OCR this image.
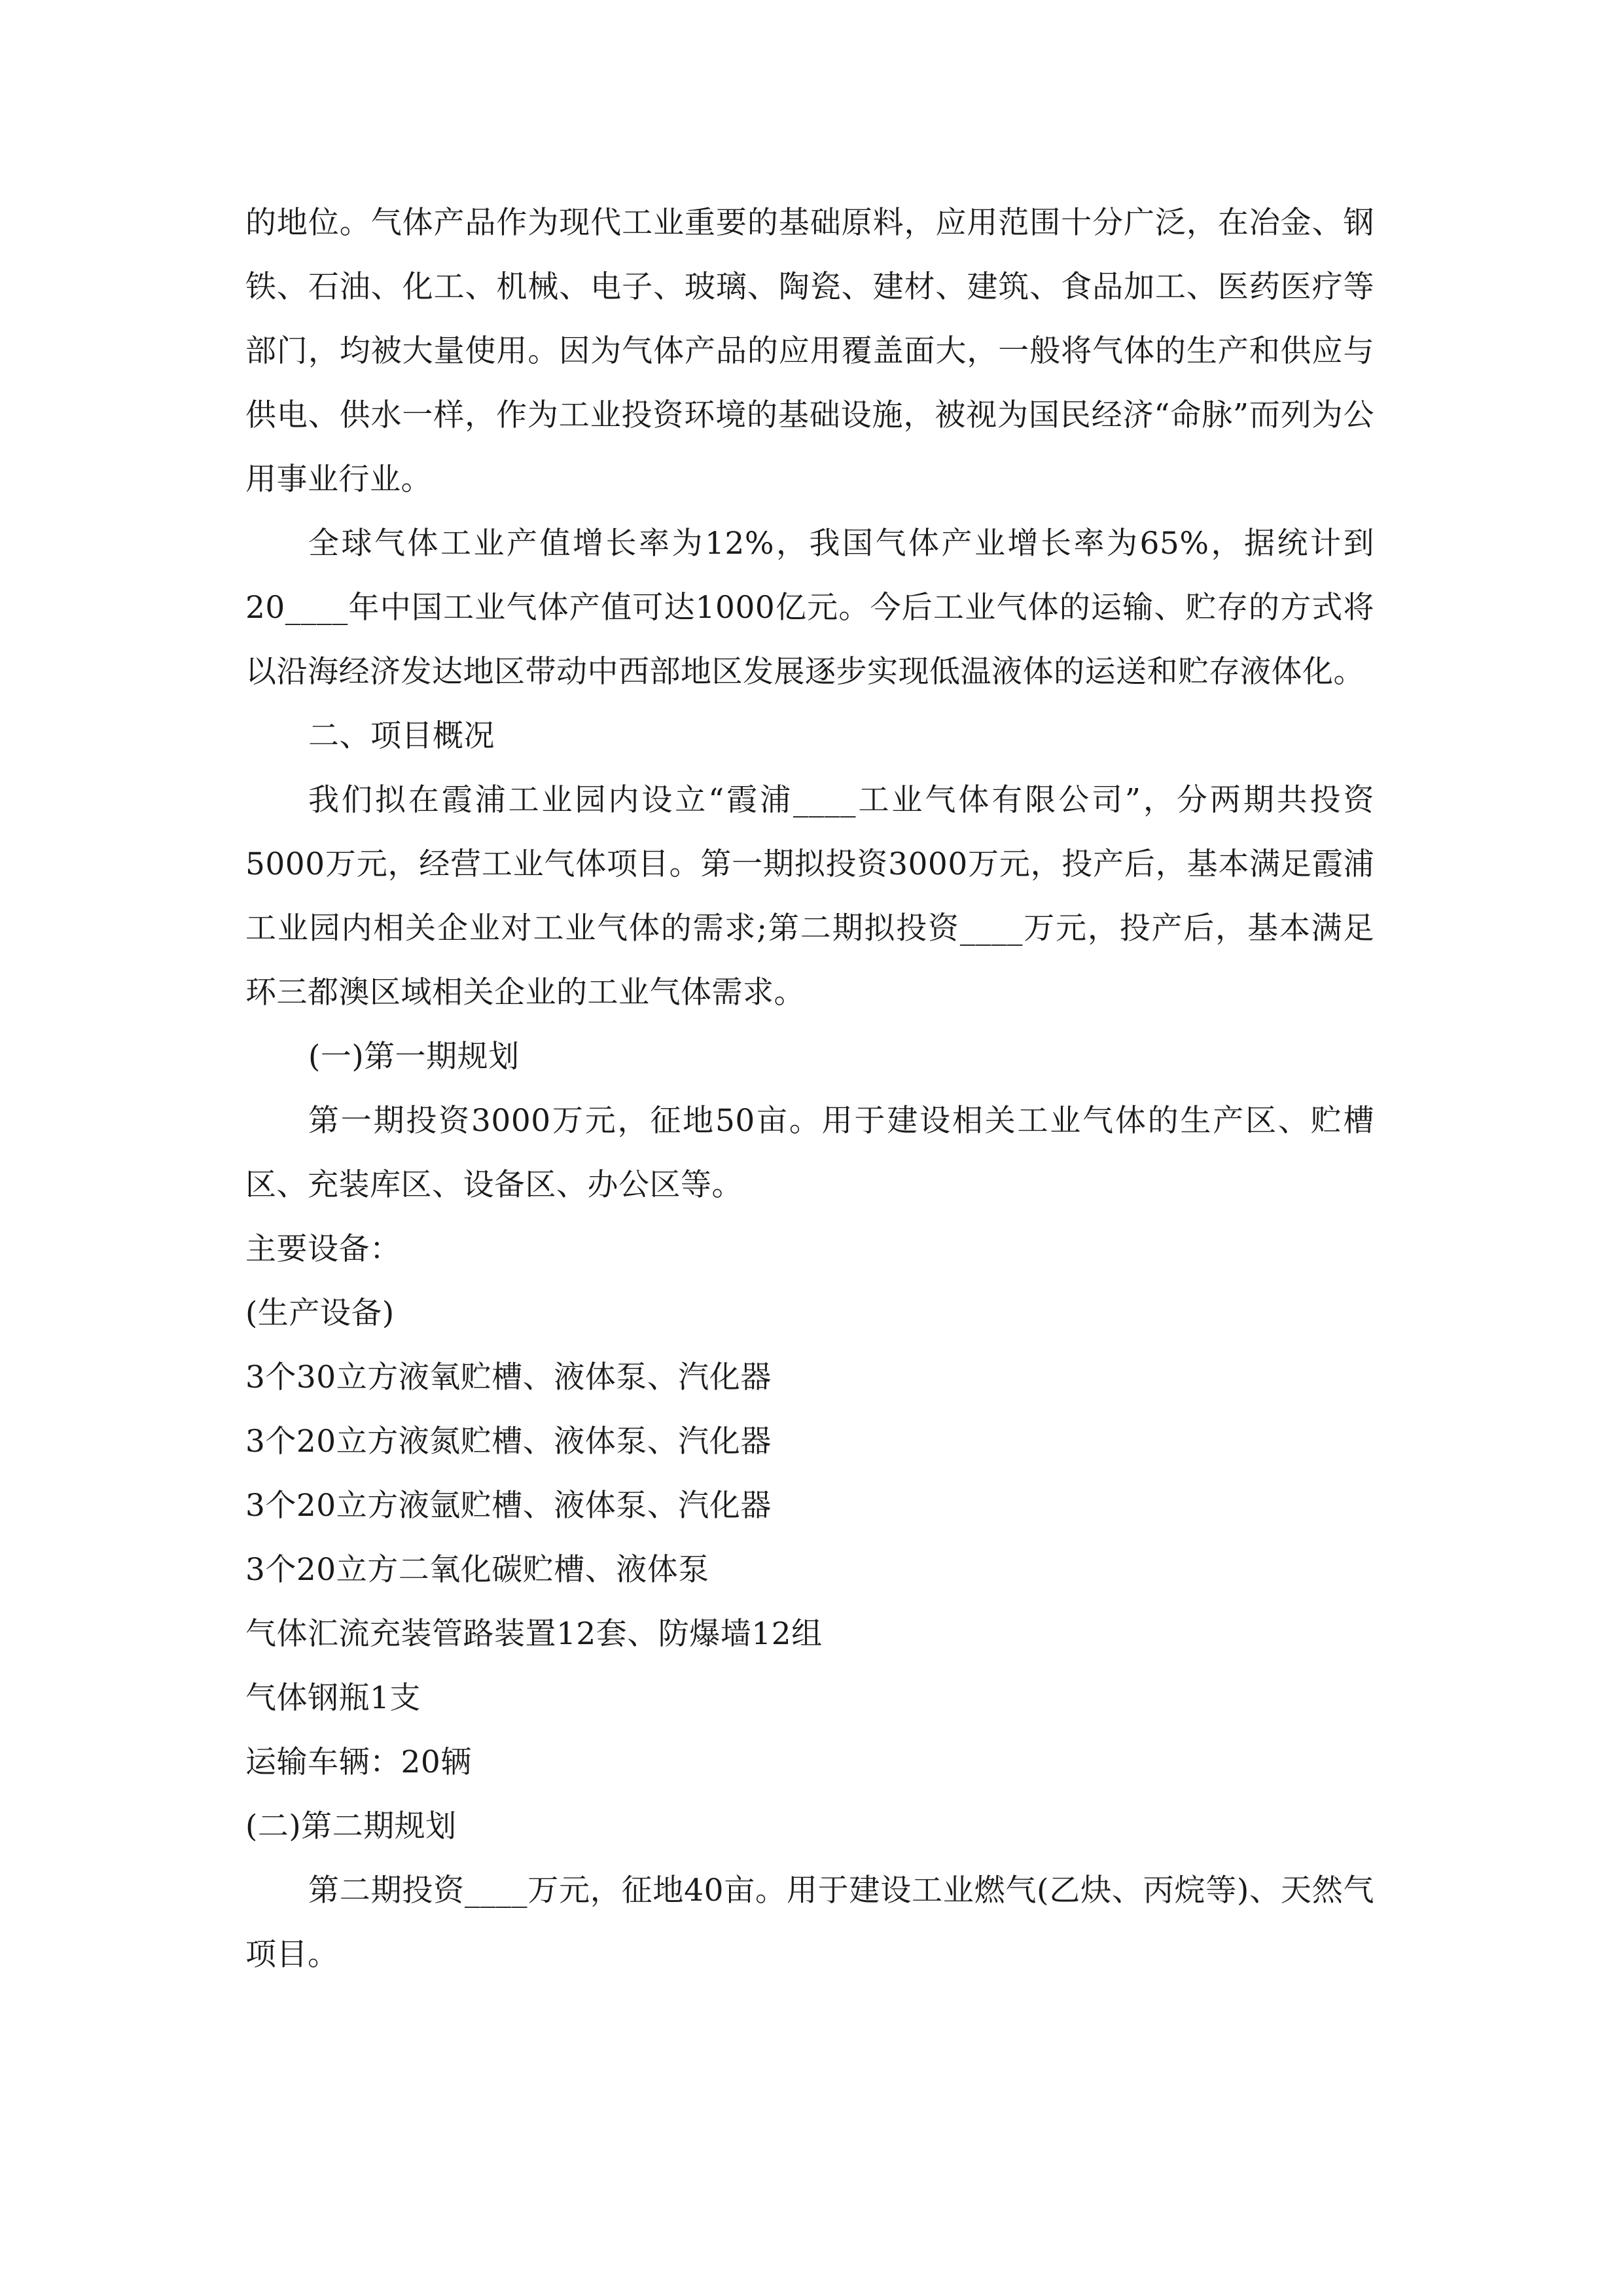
的地位。气体产品作为现代工业重要的基础原料，应用范围十分广泛，在冶金、钢铁、石油、化工、机械、电子、玻璃、陶瓷、建材、建筑、食品加工、医药医疗等部门，均被大量使用。因为气体产品的应用覆盖面大，一般将气体的生产和供应与供电、供水一样，作为工业投资环境的基础设施，被视为国民经济“命脉”而列为公用事业行业。

全球气体工业产值增长率为12%，我国气体产业增长率为65%，据统计到20____年中国工业气体产值可达1000亿元。今后工业气体的运输、贮存的方式将以沿海经济发达地区带动中西部地区发展逐步实现低温液体的运送和贮存液体化。

二、项目概况

我们拟在霞浦工业园内设立“霞浦____工业气体有限公司”，分两期共投资5000万元，经营工业气体项目。第一期拟投资3000万元，投产后，基本满足霞浦工业园内相关企业对工业气体的需求;第二期拟投资____万元，投产后，基本满足环三都澳区域相关企业的工业气体需求。

(一)第一期规划

第一期投资3000万元，征地50亩。用于建设相关工业气体的生产区、贮槽区、充装库区、设备区、办公区等。

主要设备：

(生产设备)

3个30立方液氧贮槽、液体泵、汽化器

3个20立方液氮贮槽、液体泵、汽化器

3个20立方液氩贮槽、液体泵、汽化器

3个20立方二氧化碳贮槽、液体泵

气体汇流充装管路装置12套、防爆墙12组

气体钢瓶1支

运输车辆：20辆

(二)第二期规划

第二期投资____万元，征地40亩。用于建设工业燃气(乙炔、丙烷等)、天然气项目。
